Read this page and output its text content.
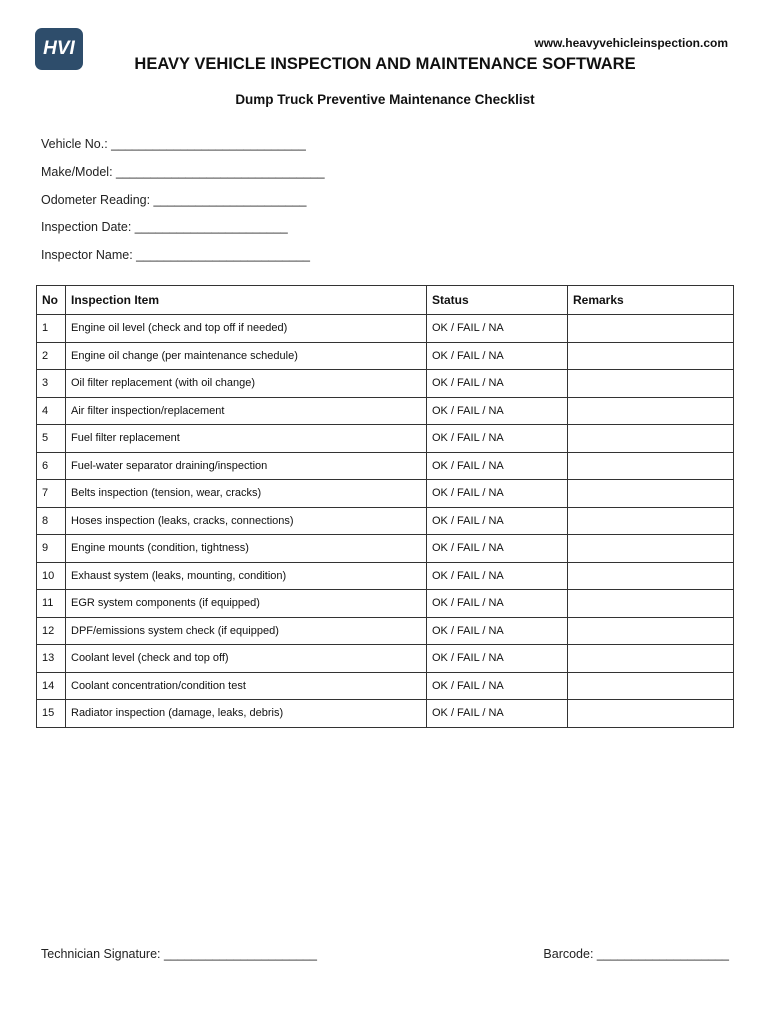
HVI	www.heavyvehicleinspection.com
HEAVY VEHICLE INSPECTION AND MAINTENANCE SOFTWARE
Dump Truck Preventive Maintenance Checklist
Vehicle No.: ____________________________
Make/Model: ______________________________
Odometer Reading: ______________________
Inspection Date: ______________________
Inspector Name: _________________________
No	Inspection Item	Status	Remarks
1	Engine oil level (check and top off if needed)	OK / FAIL / NA	
2	Engine oil change (per maintenance schedule)	OK / FAIL / NA	
3	Oil filter replacement (with oil change)	OK / FAIL / NA	
4	Air filter inspection/replacement	OK / FAIL / NA	
5	Fuel filter replacement	OK / FAIL / NA	
6	Fuel-water separator draining/inspection	OK / FAIL / NA	
7	Belts inspection (tension, wear, cracks)	OK / FAIL / NA	
8	Hoses inspection (leaks, cracks, connections)	OK / FAIL / NA	
9	Engine mounts (condition, tightness)	OK / FAIL / NA	
10	Exhaust system (leaks, mounting, condition)	OK / FAIL / NA	
11	EGR system components (if equipped)	OK / FAIL / NA	
12	DPF/emissions system check (if equipped)	OK / FAIL / NA	
13	Coolant level (check and top off)	OK / FAIL / NA	
14	Coolant concentration/condition test	OK / FAIL / NA	
15	Radiator inspection (damage, leaks, debris)	OK / FAIL / NA	
Technician Signature: ______________________	Barcode: ___________________
